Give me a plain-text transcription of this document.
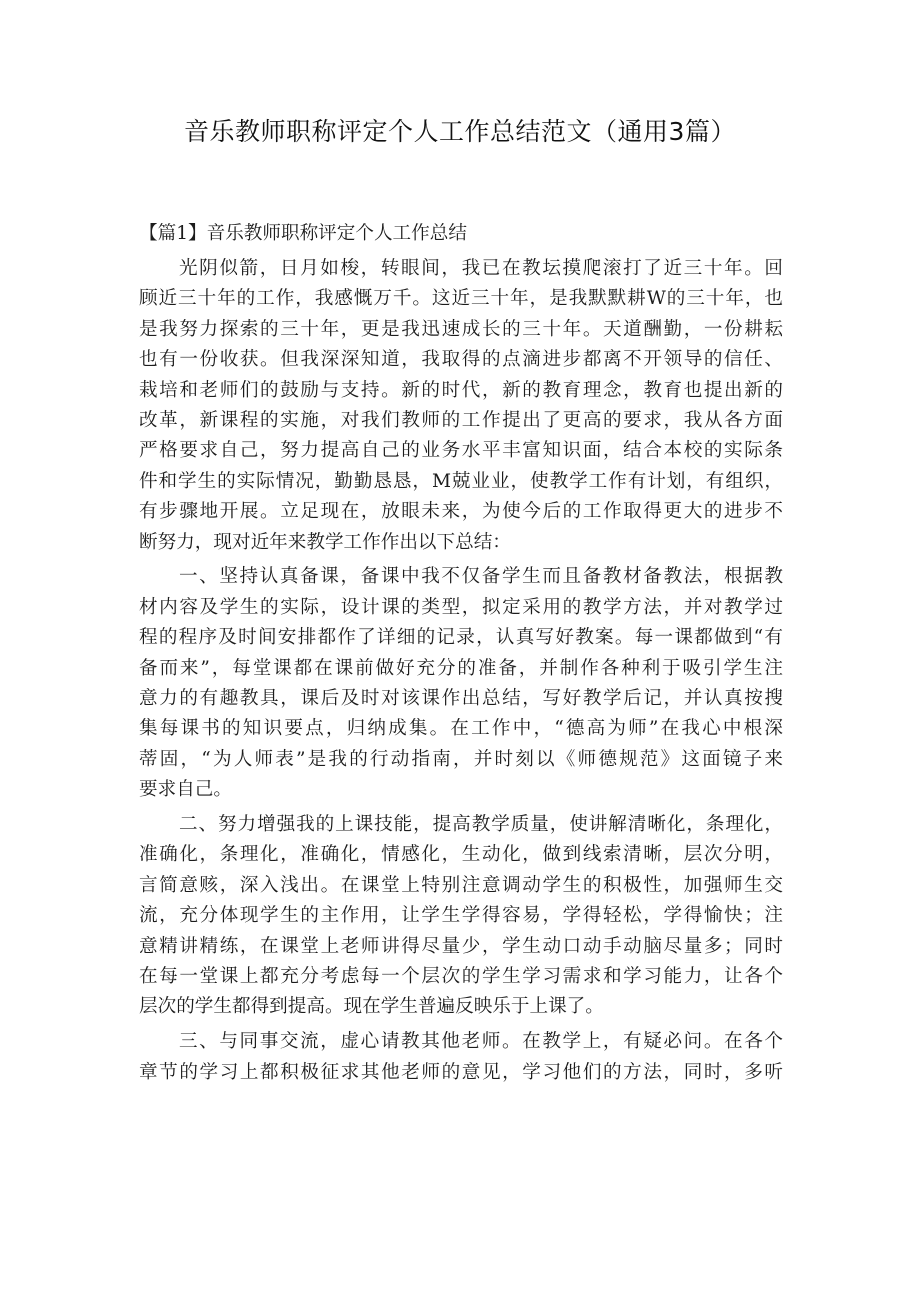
音乐教师职称评定个人工作总结范文（通用3篇）
【篇1】音乐教师职称评定个人工作总结
光阴似箭，日月如梭，转眼间，我已在教坛摸爬滚打了近三十年。回
顾近三十年的工作，我感慨万千。这近三十年，是我默默耕W的三十年，也
是我努力探索的三十年，更是我迅速成长的三十年。天道酬勤，一份耕耘
也有一份收获。但我深深知道，我取得的点滴进步都离不开领导的信任、
栽培和老师们的鼓励与支持。新的时代，新的教育理念，教育也提出新的
改革，新课程的实施，对我们教师的工作提出了更高的要求，我从各方面
严格要求自己，努力提高自己的业务水平丰富知识面，结合本校的实际条
件和学生的实际情况，勤勤恳恳，M兢业业，使教学工作有计划，有组织，
有步骤地开展。立足现在，放眼未来，为使今后的工作取得更大的进步不
断努力，现对近年来教学工作作出以下总结：
一、坚持认真备课，备课中我不仅备学生而且备教材备教法，根据教
材内容及学生的实际，设计课的类型，拟定采用的教学方法，并对教学过
程的程序及时间安排都作了详细的记录，认真写好教案。每一课都做到“有
备而来”，每堂课都在课前做好充分的准备，并制作各种利于吸引学生注
意力的有趣教具，课后及时对该课作出总结，写好教学后记，并认真按搜
集每课书的知识要点，归纳成集。在工作中，“德高为师”在我心中根深
蒂固，“为人师表”是我的行动指南，并时刻以《师德规范》这面镜子来
要求自己。
二、努力增强我的上课技能，提高教学质量，使讲解清晰化，条理化，
准确化，条理化，准确化，情感化，生动化，做到线索清晰，层次分明，
言简意赅，深入浅出。在课堂上特别注意调动学生的积极性，加强师生交
流，充分体现学生的主作用，让学生学得容易，学得轻松，学得愉快；注
意精讲精练，在课堂上老师讲得尽量少，学生动口动手动脑尽量多；同时
在每一堂课上都充分考虑每一个层次的学生学习需求和学习能力，让各个
层次的学生都得到提高。现在学生普遍反映乐于上课了。
三、与同事交流，虚心请教其他老师。在教学上，有疑必问。在各个
章节的学习上都积极征求其他老师的意见，学习他们的方法，同时，多听
